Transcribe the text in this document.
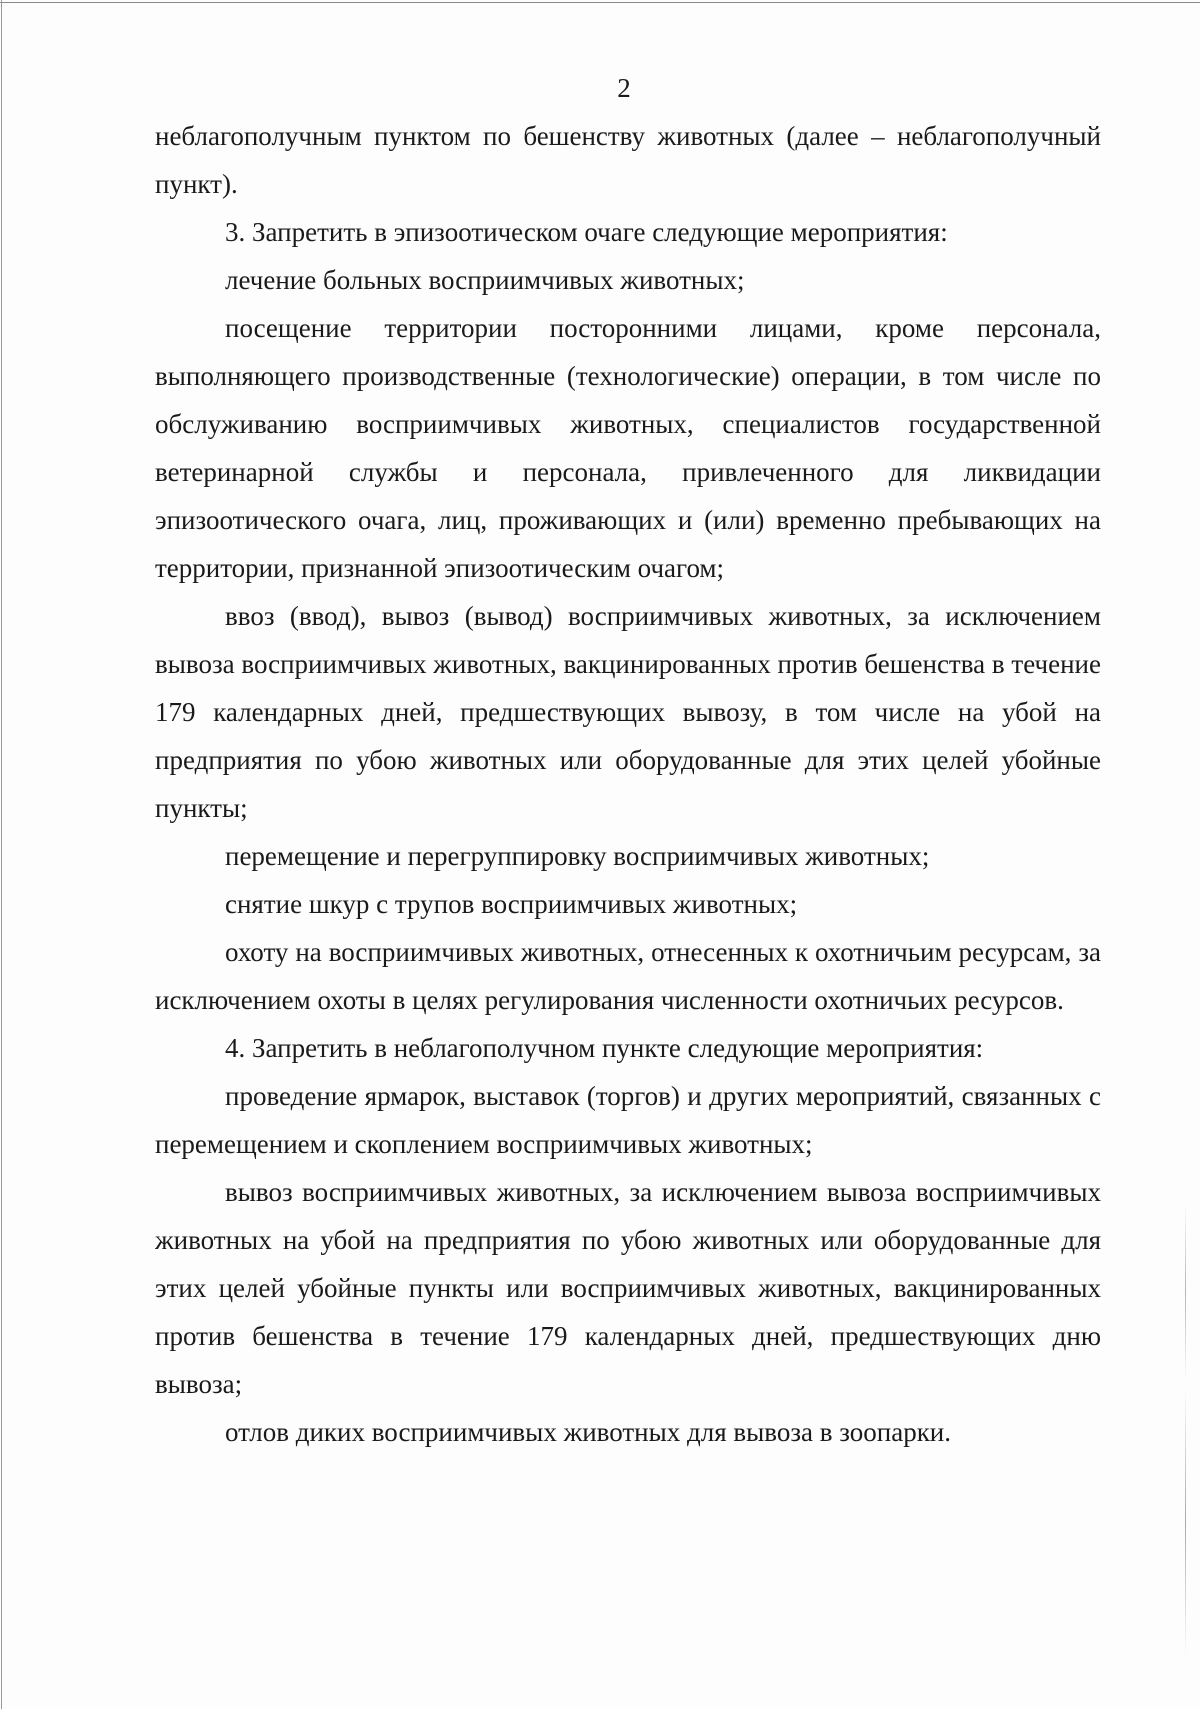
2

неблагополучным пунктом по бешенству животных (далее – неблагополучный пункт).

3. Запретить в эпизоотическом очаге следующие мероприятия:

лечение больных восприимчивых животных;

посещение территории посторонними лицами, кроме персонала, выполняющего производственные (технологические) операции, в том числе по обслуживанию восприимчивых животных, специалистов государственной ветеринарной службы и персонала, привлеченного для ликвидации эпизоотического очага, лиц, проживающих и (или) временно пребывающих на территории, признанной эпизоотическим очагом;

ввоз (ввод), вывоз (вывод) восприимчивых животных, за исключением вывоза восприимчивых животных, вакцинированных против бешенства в течение 179 календарных дней, предшествующих вывозу, в том числе на убой на предприятия по убою животных или оборудованные для этих целей убойные пункты;

перемещение и перегруппировку восприимчивых животных;

снятие шкур с трупов восприимчивых животных;

охоту на восприимчивых животных, отнесенных к охотничьим ресурсам, за исключением охоты в целях регулирования численности охотничьих ресурсов.

4. Запретить в неблагополучном пункте следующие мероприятия:

проведение ярмарок, выставок (торгов) и других мероприятий, связанных с перемещением и скоплением восприимчивых животных;

вывоз восприимчивых животных, за исключением вывоза восприимчивых животных на убой на предприятия по убою животных или оборудованные для этих целей убойные пункты или восприимчивых животных, вакцинированных против бешенства в течение 179 календарных дней, предшествующих дню вывоза;

отлов диких восприимчивых животных для вывоза в зоопарки.
